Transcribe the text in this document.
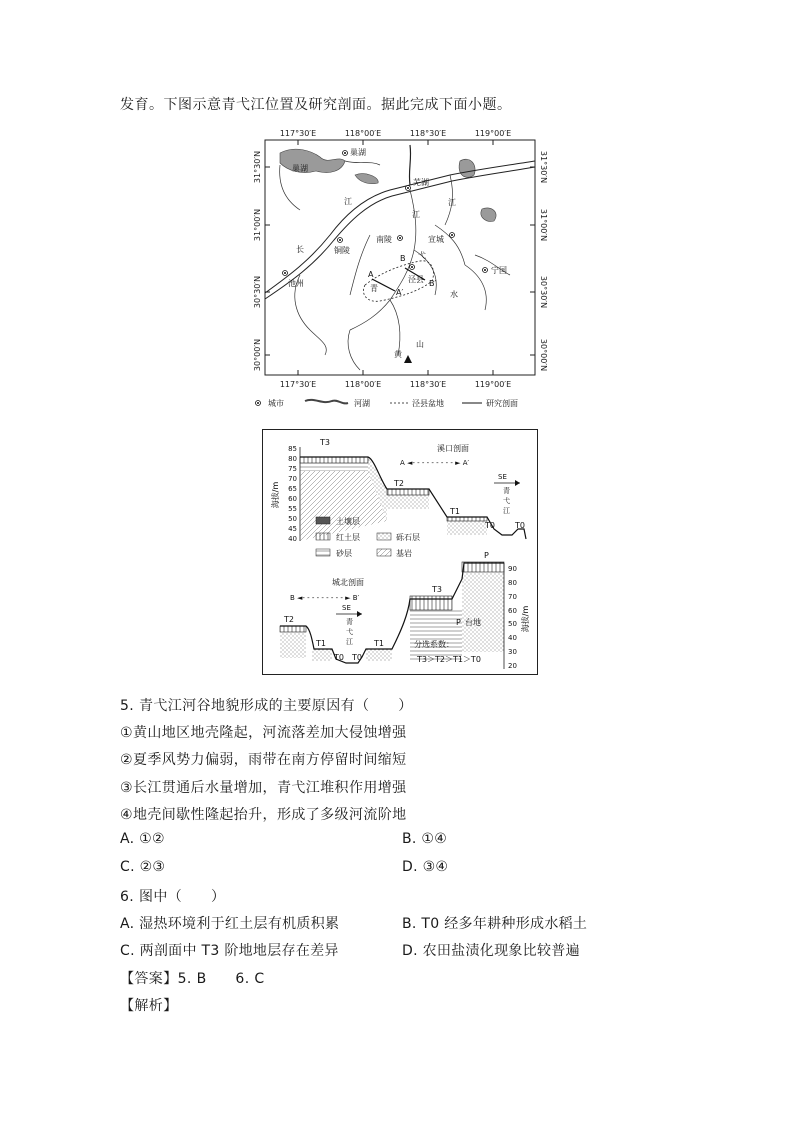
发育。下图示意青弋江位置及研究剖面。据此完成下面小题。
117°30′E	118°00′E	118°30′E	119°00′E
117°30′E	118°00′E	118°30′E	119°00′E
31°30′N
31°00′N
30°30′N
30°00′N
31°30′N
31°00′N
30°30′N
30°00′N
巢湖
巢湖
芜湖
铜陵
南陵	宣城
池州
宁国
泾县
江
江
江
长
水
青
弋
黄
山
A
A′
B
B′
城市	河湖	泾县盆地	研究剖面
85
80
75
70
65
60
55
50
45
40
海拔/m
T3
T2
T1
T0	T0
溪口剖面
A ◄- - - - - - - - - ► A′
SE
青
弋
江
土壤层
红土层	砾石层
砂层	基岩
90
80
70
60
50
40
30
20
海拔/m
T2
T1
T0 T0
T1
T3
P
P 台地
城北剖面
B ◄- - - - - - - - - ► B′
SE
青
弋
江	分选系数：
T3＞T2＞T1＞T0
5. 青弋江河谷地貌形成的主要原因有（　　）
①黄山地区地壳隆起，河流落差加大侵蚀增强
②夏季风势力偏弱，雨带在南方停留时间缩短
③长江贯通后水量增加，青弋江堆积作用增强
④地壳间歇性隆起抬升，形成了多级河流阶地
A. ①②	B. ①④
C. ②③	D. ③④
6. 图中（　　）
A. 湿热环境利于红土层有机质积累	B. T0 经多年耕种形成水稻土
C. 两剖面中 T3 阶地地层存在差异	D. 农田盐渍化现象比较普遍
【答案】5. B　　6. C
【解析】
